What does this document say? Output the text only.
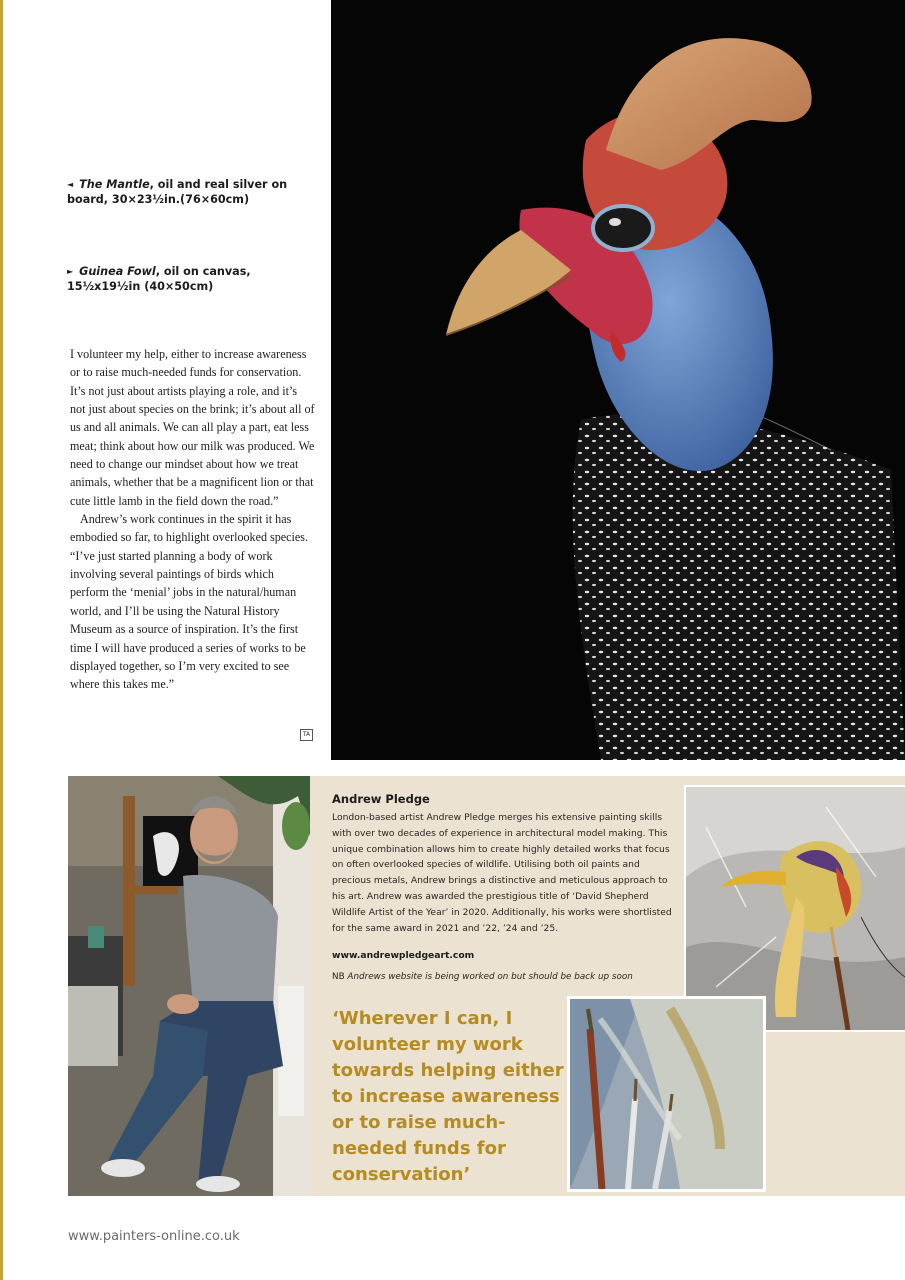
◄ The Mantle, oil and real silver on board, 30×23½in.(76×60cm)
► Guinea Fowl, oil on canvas, 15½x19½in (40×50cm)

I volunteer my help, either to increase awareness or to raise much-needed funds for conservation. It’s not just about artists playing a role, and it’s not just about species on the brink; it’s about all of us and all animals. We can all play a part, eat less meat; think about how our milk was produced. We need to change our mindset about how we treat animals, whether that be a magnificent lion or that cute little lamb in the field down the road.”

Andrew’s work continues in the spirit it has embodied so far, to highlight overlooked species. “I’ve just started planning a body of work involving several paintings of birds which perform the ‘menial’ jobs in the natural/human world, and I’ll be using the Natural History Museum as a source of inspiration. It’s the first time I will have produced a series of works to be displayed together, so I’m very excited to see where this takes me.”

TA
Andrew Pledge

London-based artist Andrew Pledge merges his extensive painting skills with over two decades of experience in architectural model making. This unique combination allows him to create highly detailed works that focus on often overlooked species of wildlife. Utilising both oil paints and precious metals, Andrew brings a distinctive and meticulous approach to his art. Andrew was awarded the prestigious title of ‘David Shepherd Wildlife Artist of the Year’ in 2020. Additionally, his works were shortlisted for the same award in 2021 and ’22, ’24 and ’25.

www.andrewpledgeart.com
NB Andrews website is being worked on but should be back up soon

‘Wherever I can, I volunteer my work towards helping either to increase awareness or to raise much-needed funds for conservation’

www.painters-online.co.uk
